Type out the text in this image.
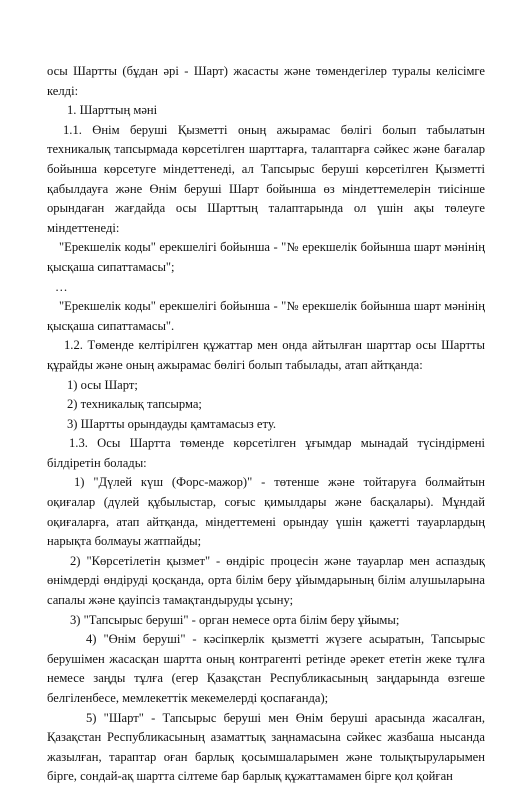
осы Шартты (бұдан әрі - Шарт) жасасты және төмендегілер туралы келісімге келді:

1. Шарттың мәні

1.1. Өнім беруші Қызметті оның ажырамас бөлігі болып табылатын техникалық тапсырмада көрсетілген шарттарға, талаптарға сәйкес және бағалар бойынша көрсетуге міндеттенеді, ал Тапсырыс беруші көрсетілген Қызметті қабылдауға және Өнім беруші Шарт бойынша өз міндеттемелерін тиісінше орындаған жағдайда осы Шарттың талаптарында ол үшін ақы төлеуге міндеттенеді:

"Ерекшелік коды" ерекшелігі бойынша - "№ ерекшелік бойынша шарт мәнінің қысқаша сипаттамасы";

…

"Ерекшелік коды" ерекшелігі бойынша - "№ ерекшелік бойынша шарт мәнінің қысқаша сипаттамасы".

1.2. Төменде келтірілген құжаттар мен онда айтылған шарттар осы Шартты құрайды және оның ажырамас бөлігі болып табылады, атап айтқанда:

1) осы Шарт;

2) техникалық тапсырма;

3) Шартты орындауды қамтамасыз ету.

1.3. Осы Шартта төменде көрсетілген ұғымдар мынадай түсіндірмені білдіретін болады:

1) "Дүлей күш (Форс-мажор)" - төтенше және тойтаруға болмайтын оқиғалар (дүлей құбылыстар, соғыс қимылдары және басқалары). Мұндай оқиғаларға, атап айтқанда, міндеттемені орындау үшін қажетті тауарлардың нарықта болмауы жатпайды;

2) "Көрсетілетін қызмет" - өндіріс процесін және тауарлар мен аспаздық өнімдерді өндіруді қосқанда, орта білім беру ұйымдарының білім алушыларына сапалы және қауіпсіз тамақтандыруды ұсыну;

3) "Тапсырыс беруші" - орган немесе орта білім беру ұйымы;

4) "Өнім беруші" - кәсіпкерлік қызметті жүзеге асыратын, Тапсырыс берушімен жасасқан шартта оның контрагенті ретінде әрекет ететін жеке тұлға немесе заңды тұлға (егер Қазақстан Республикасының заңдарында өзгеше белгіленбесе, мемлекеттік мекемелерді қоспағанда);

5) "Шарт" - Тапсырыс беруші мен Өнім беруші арасында жасалған, Қазақстан Республикасының азаматтық заңнамасына сәйкес жазбаша нысанда жазылған, тараптар оған барлық қосымшаларымен және толықтыруларымен бірге, сондай-ақ шартта сілтеме бар барлық құжаттамамен бірге қол қойған
